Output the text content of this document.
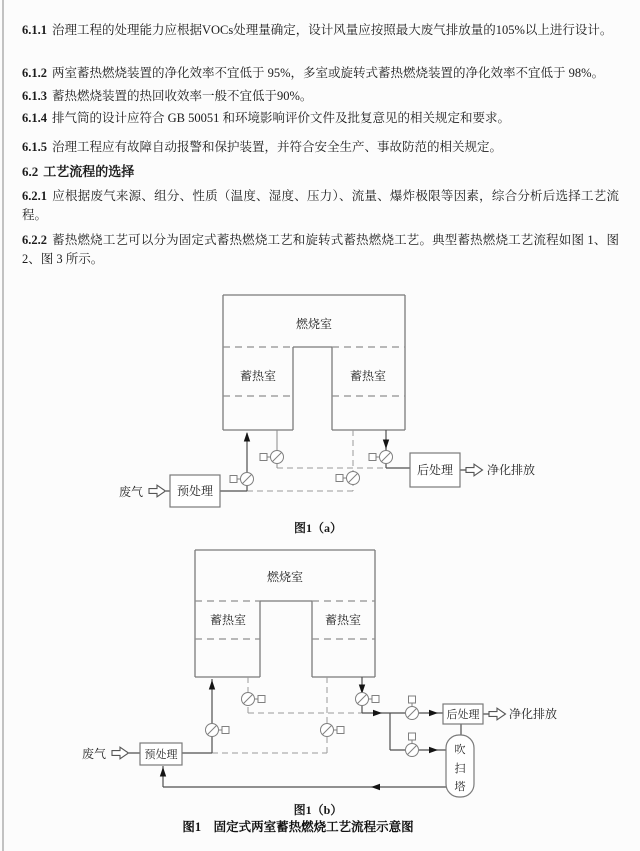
6.1.1 治理工程的处理能力应根据VOCs处理量确定，设计风量应按照最大废气排放量的105%以上进行设计。
6.1.2 两室蓄热燃烧装置的净化效率不宜低于 95%，多室或旋转式蓄热燃烧装置的净化效率不宜低于 98%。
6.1.3 蓄热燃烧装置的热回收效率一般不宜低于90%。
6.1.4 排气筒的设计应符合 GB 50051 和环境影响评价文件及批复意见的相关规定和要求。
6.1.5 治理工程应有故障自动报警和保护装置，并符合安全生产、事故防范的相关规定。
6.2 工艺流程的选择
6.2.1 应根据废气来源、组分、性质（温度、湿度、压力）、流量、爆炸极限等因素，综合分析后选择工艺流程。
6.2.2 蓄热燃烧工艺可以分为固定式蓄热燃烧工艺和旋转式蓄热燃烧工艺。典型蓄热燃烧工艺流程如图 1、图 2、图 3 所示。
燃烧室
蓄热室	蓄热室
预处理
后处理
废气
净化排放
图1（a）
燃烧室
蓄热室	蓄热室
预处理
后处理
吹
扫
塔
废气
净化排放
图1（b）
图1　固定式两室蓄热燃烧工艺流程示意图
